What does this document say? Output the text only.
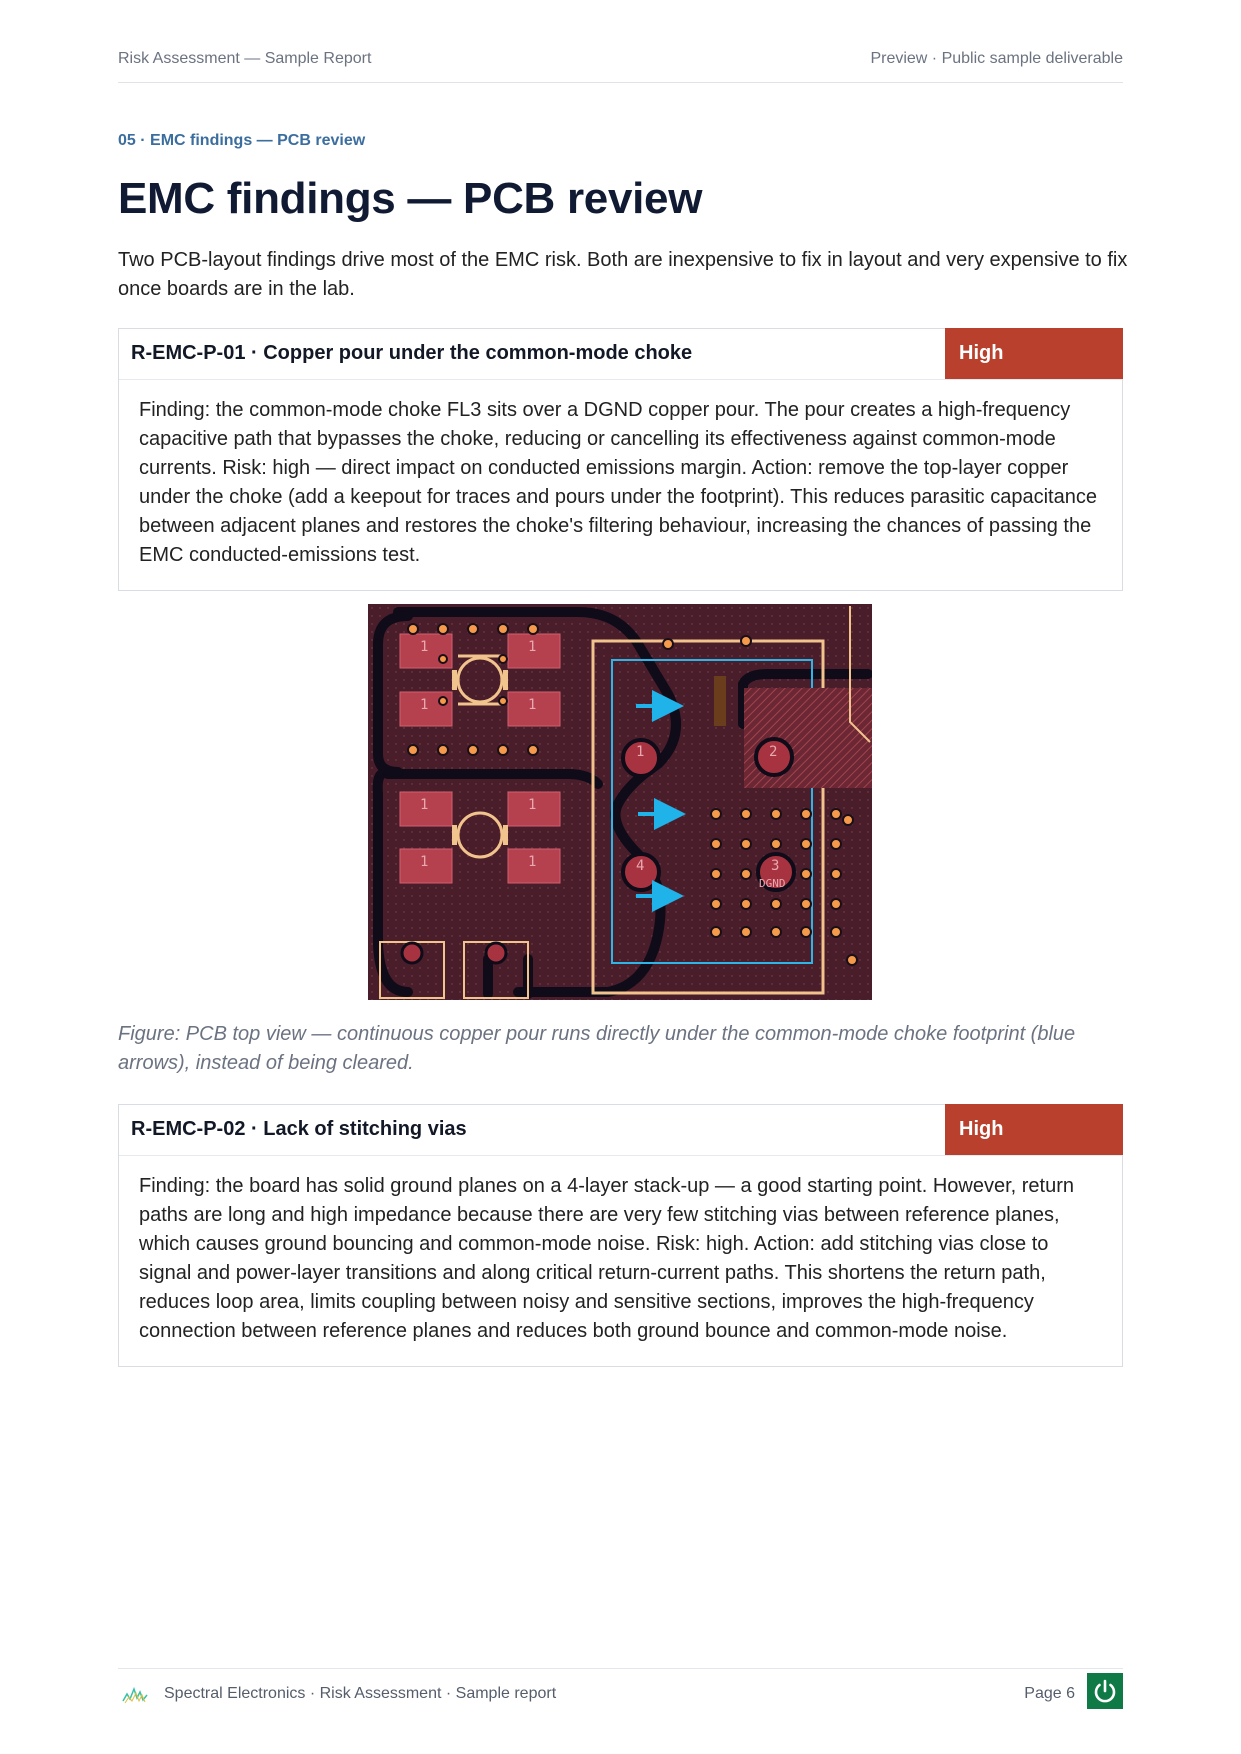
Risk Assessment — Sample Report	Preview · Public sample deliverable
05 · EMC findings — PCB review
EMC findings — PCB review

Two PCB-layout findings drive most of the EMC risk. Both are inexpensive to fix in layout and very expensive to fix once boards are in the lab.

R-EMC-P-01 · Copper pour under the common-mode choke	High

Finding: the common-mode choke FL3 sits over a DGND copper pour. The pour creates a high-frequency capacitive path that bypasses the choke, reducing or cancelling its effectiveness against common-mode currents. Risk: high — direct impact on conducted emissions margin. Action: remove the top-layer copper under the choke (add a keepout for traces and pours under the footprint). This reduces parasitic capacitance between adjacent planes and restores the choke's filtering behaviour, increasing the chances of passing the EMC conducted-emissions test.

1	1
1	1
1	1
1	1
1	2
3
4
DGND

Figure: PCB top view — continuous copper pour runs directly under the common-mode choke footprint (blue arrows), instead of being cleared.

R-EMC-P-02 · Lack of stitching vias	High

Finding: the board has solid ground planes on a 4-layer stack-up — a good starting point. However, return paths are long and high impedance because there are very few stitching vias between reference planes, which causes ground bouncing and common-mode noise. Risk: high. Action: add stitching vias close to signal and power-layer transitions and along critical return-current paths. This shortens the return path, reduces loop area, limits coupling between noisy and sensitive sections, improves the high-frequency connection between reference planes and reduces both ground bounce and common-mode noise.

Spectral Electronics · Risk Assessment · Sample report	Page 6
